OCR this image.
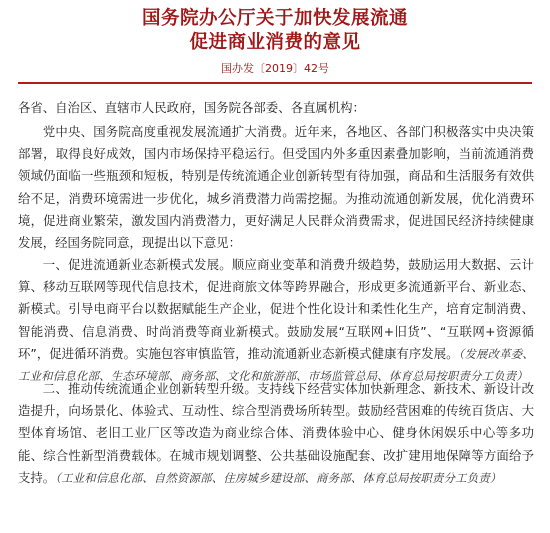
国务院办公厅关于加快发展流通
促进商业消费的意见
国办发〔2019〕42号
各省、自治区、直辖市人民政府，国务院各部委、各直属机构：

党中央、国务院高度重视发展流通扩大消费。近年来，各地区、各部门积极落实中央决策部署，取得良好成效，国内市场保持平稳运行。但受国内外多重因素叠加影响，当前流通消费领域仍面临一些瓶颈和短板，特别是传统流通企业创新转型有待加强，商品和生活服务有效供给不足，消费环境需进一步优化，城乡消费潜力尚需挖掘。为推动流通创新发展，优化消费环境，促进商业繁荣，激发国内消费潜力，更好满足人民群众消费需求，促进国民经济持续健康发展，经国务院同意，现提出以下意见：

一、促进流通新业态新模式发展。顺应商业变革和消费升级趋势，鼓励运用大数据、云计算、移动互联网等现代信息技术，促进商旅文体等跨界融合，形成更多流通新平台、新业态、新模式。引导电商平台以数据赋能生产企业，促进个性化设计和柔性化生产，培育定制消费、智能消费、信息消费、时尚消费等商业新模式。鼓励发展“互联网+旧货”、“互联网+资源循环”，促进循环消费。实施包容审慎监管，推动流通新业态新模式健康有序发展。（发展改革委、工业和信息化部、生态环境部、商务部、文化和旅游部、市场监管总局、体育总局按职责分工负责）

二、推动传统流通企业创新转型升级。支持线下经营实体加快新理念、新技术、新设计改造提升，向场景化、体验式、互动性、综合型消费场所转型。鼓励经营困难的传统百货店、大型体育场馆、老旧工业厂区等改造为商业综合体、消费体验中心、健身休闲娱乐中心等多功能、综合性新型消费载体。在城市规划调整、公共基础设施配套、改扩建用地保障等方面给予支持。（工业和信息化部、自然资源部、住房城乡建设部、商务部、体育总局按职责分工负责）
